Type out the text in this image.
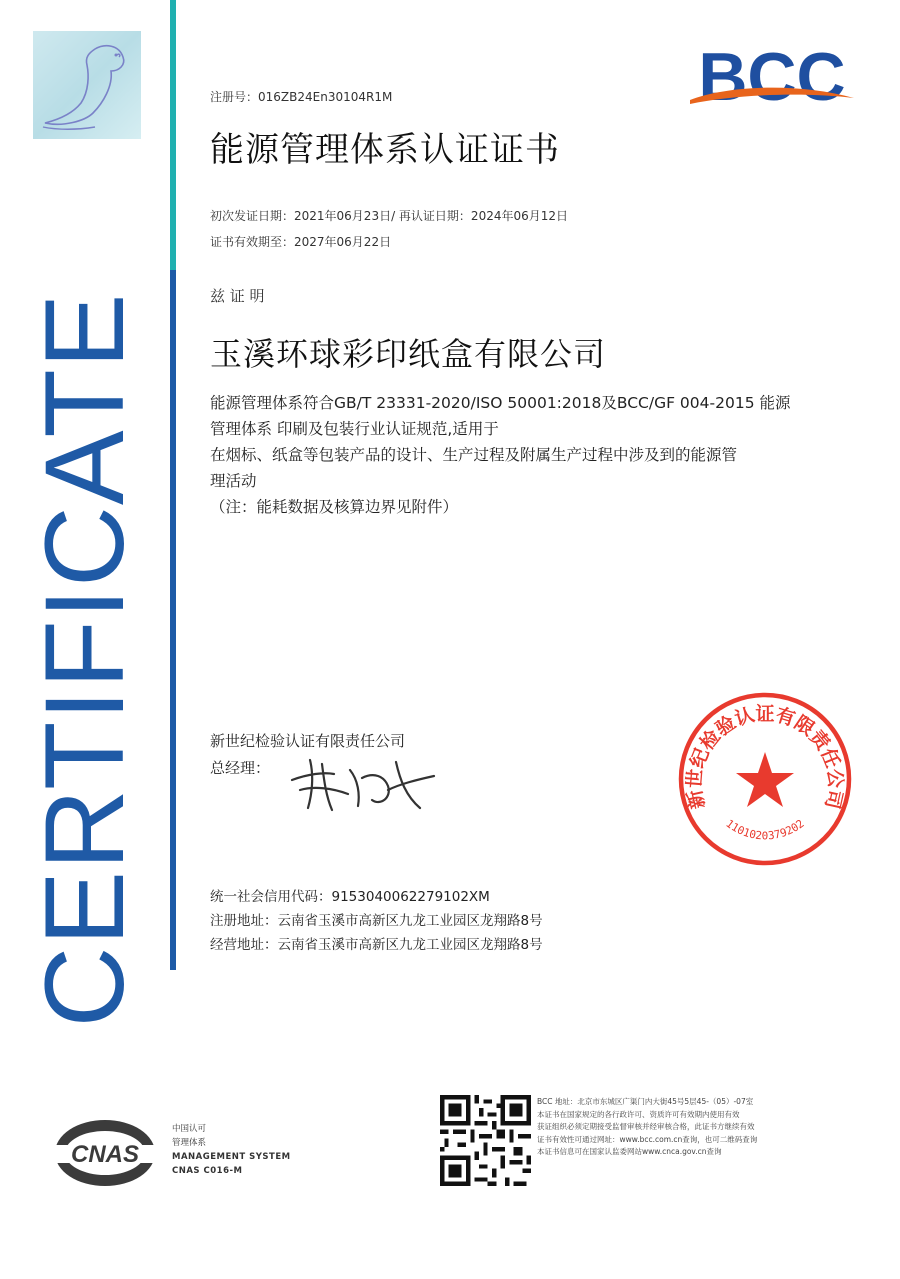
CERTIFICATE
BCC
注册号：016ZB24En30104R1M
能源管理体系认证证书
初次发证日期：2021年06月23日/ 再认证日期：2024年06月12日
证书有效期至：2027年06月22日
兹 证 明
玉溪环球彩印纸盒有限公司
能源管理体系符合GB/T 23331-2020/ISO 50001:2018及BCC/GF 004-2015 能源
管理体系 印刷及包装行业认证规范,适用于
在烟标、纸盒等包装产品的设计、生产过程及附属生产过程中涉及到的能源管
理活动
（注：能耗数据及核算边界见附件）
新世纪检验认证有限责任公司
总经理：
新世纪检验认证有限责任公司
1101020379202
统一社会信用代码：9153040062279102XM
注册地址：云南省玉溪市高新区九龙工业园区龙翔路8号
经营地址：云南省玉溪市高新区九龙工业园区龙翔路8号
CNAS
中国认可
管理体系
MANAGEMENT SYSTEM
CNAS C016-M
BCC 地址：北京市东城区广渠门内大街45号5层45-（05）-07室
本证书在国家规定的各行政许可、资质许可有效期内使用有效
获证组织必须定期接受监督审核并经审核合格，此证书方继续有效
证书有效性可通过网址：www.bcc.com.cn查询，也可二维码查询
本证书信息可在国家认监委网站www.cnca.gov.cn查询
